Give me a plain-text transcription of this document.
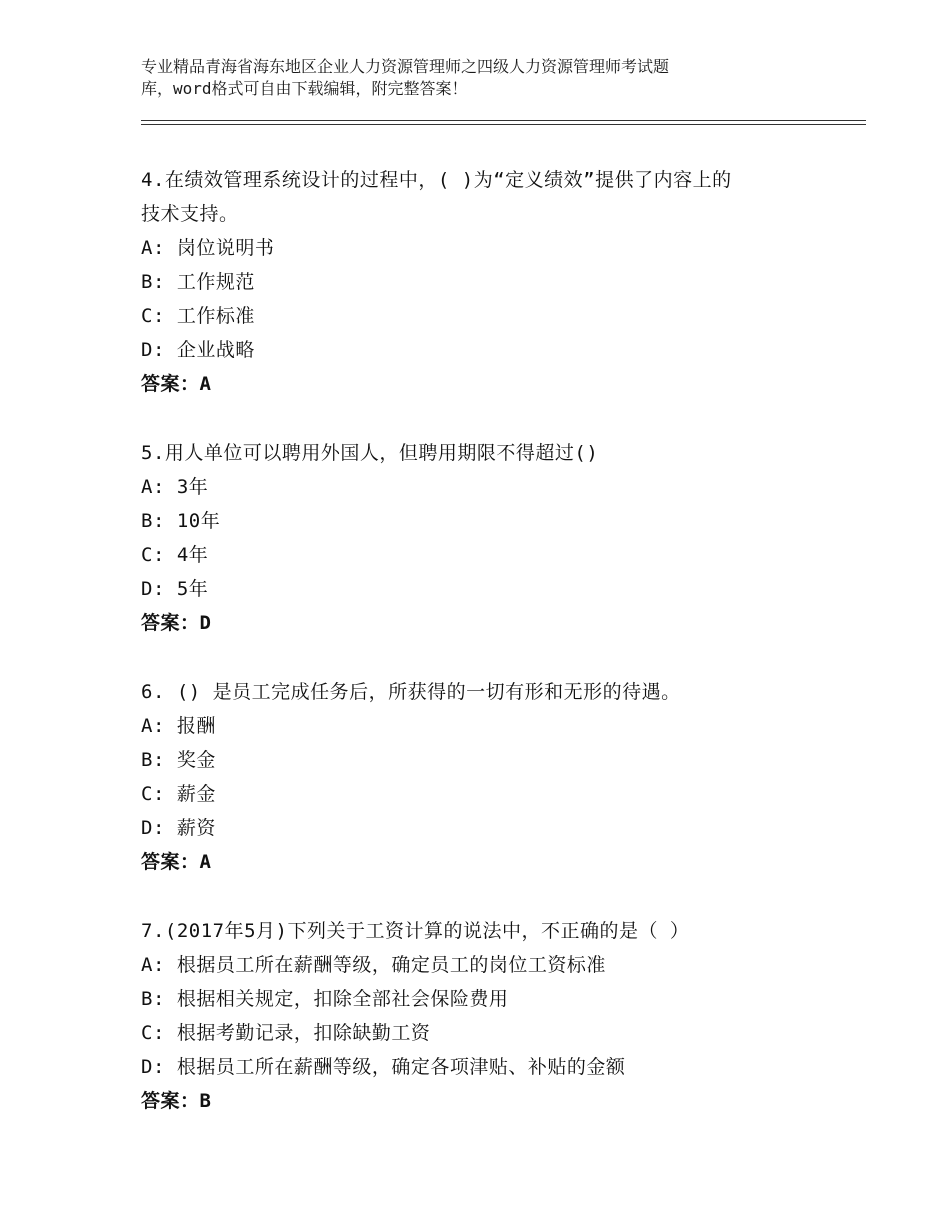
专业精品青海省海东地区企业人力资源管理师之四级人力资源管理师考试题
库，word格式可自由下载编辑，附完整答案！
4.在绩效管理系统设计的过程中，( )为“定义绩效”提供了内容上的
技术支持。
A: 岗位说明书
B: 工作规范
C: 工作标准
D: 企业战略
答案：A
5.用人单位可以聘用外国人，但聘用期限不得超过()
A: 3年
B: 10年
C: 4年
D: 5年
答案：D
6. () 是员工完成任务后，所获得的一切有形和无形的待遇。
A: 报酬
B: 奖金
C: 薪金
D: 薪资
答案：A
7.(2017年5月)下列关于工资计算的说法中，不正确的是（ ）
A: 根据员工所在薪酬等级，确定员工的岗位工资标准
B: 根据相关规定，扣除全部社会保险费用
C: 根据考勤记录，扣除缺勤工资
D: 根据员工所在薪酬等级，确定各项津贴、补贴的金额
答案：B
